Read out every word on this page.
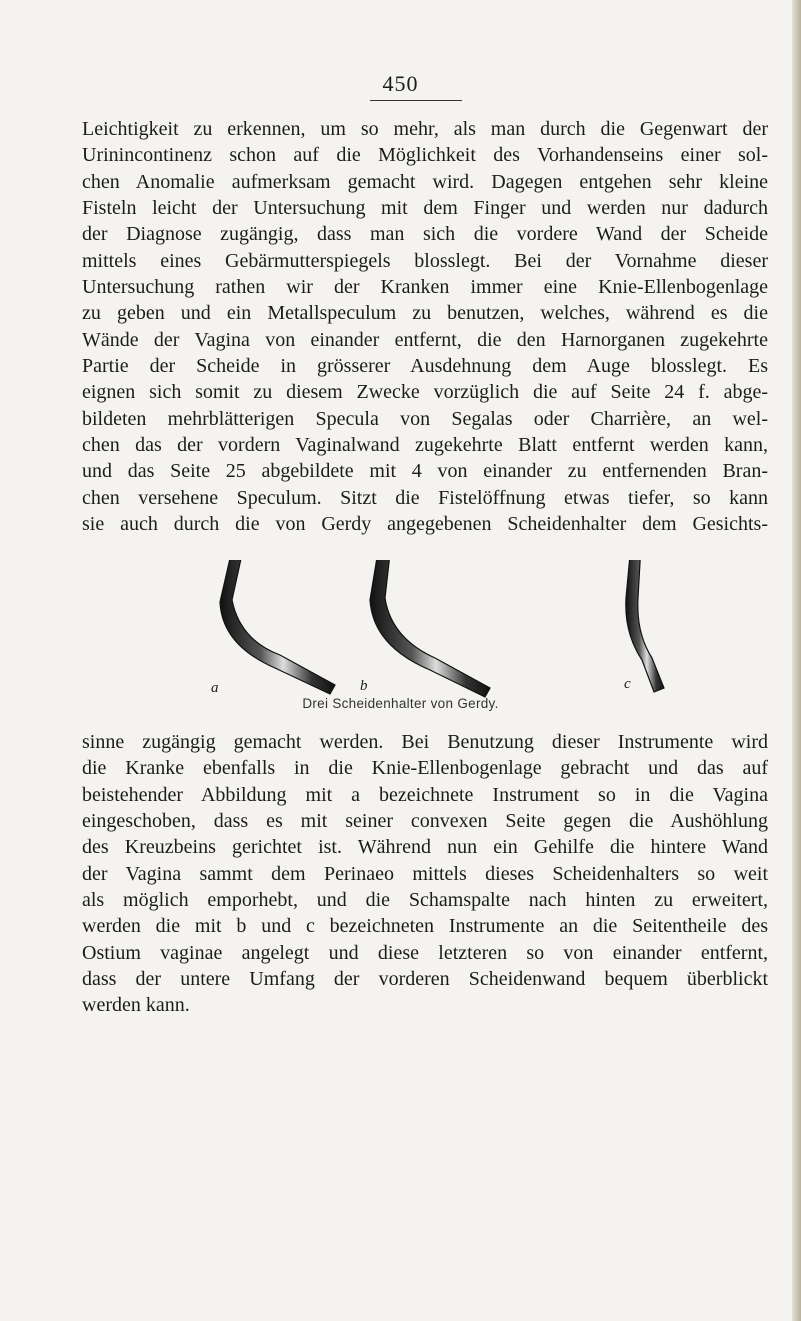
450
Leichtigkeit zu erkennen, um so mehr, als man durch die Gegenwart der
Urinincontinenz schon auf die Möglichkeit des Vorhandenseins einer sol-
chen Anomalie aufmerksam gemacht wird. Dagegen entgehen sehr kleine
Fisteln leicht der Untersuchung mit dem Finger und werden nur dadurch
der Diagnose zugängig, dass man sich die vordere Wand der Scheide
mittels eines Gebärmutterspiegels blosslegt. Bei der Vornahme dieser
Untersuchung rathen wir der Kranken immer eine Knie-Ellenbogenlage
zu geben und ein Metallspeculum zu benutzen, welches, während es die
Wände der Vagina von einander entfernt, die den Harnorganen zugekehrte
Partie der Scheide in grösserer Ausdehnung dem Auge blosslegt. Es
eignen sich somit zu diesem Zwecke vorzüglich die auf Seite 24 f. abge-
bildeten mehrblätterigen Specula von Segalas oder Charrière, an wel-
chen das der vordern Vaginalwand zugekehrte Blatt entfernt werden kann,
und das Seite 25 abgebildete mit 4 von einander zu entfernenden Bran-
chen versehene Speculum. Sitzt die Fistelöffnung etwas tiefer, so kann
sie auch durch die von Gerdy angegebenen Scheidenhalter dem Gesichts-
a	b	c
Drei Scheidenhalter von Gerdy.
sinne zugängig gemacht werden. Bei Benutzung dieser Instrumente wird
die Kranke ebenfalls in die Knie-Ellenbogenlage gebracht und das auf
beistehender Abbildung mit a bezeichnete Instrument so in die Vagina
eingeschoben, dass es mit seiner convexen Seite gegen die Aushöhlung
des Kreuzbeins gerichtet ist. Während nun ein Gehilfe die hintere Wand
der Vagina sammt dem Perinaeo mittels dieses Scheidenhalters so weit
als möglich emporhebt, und die Schamspalte nach hinten zu erweitert,
werden die mit b und c bezeichneten Instrumente an die Seitentheile des
Ostium vaginae angelegt und diese letzteren so von einander entfernt,
dass der untere Umfang der vorderen Scheidenwand bequem überblickt
werden kann.
